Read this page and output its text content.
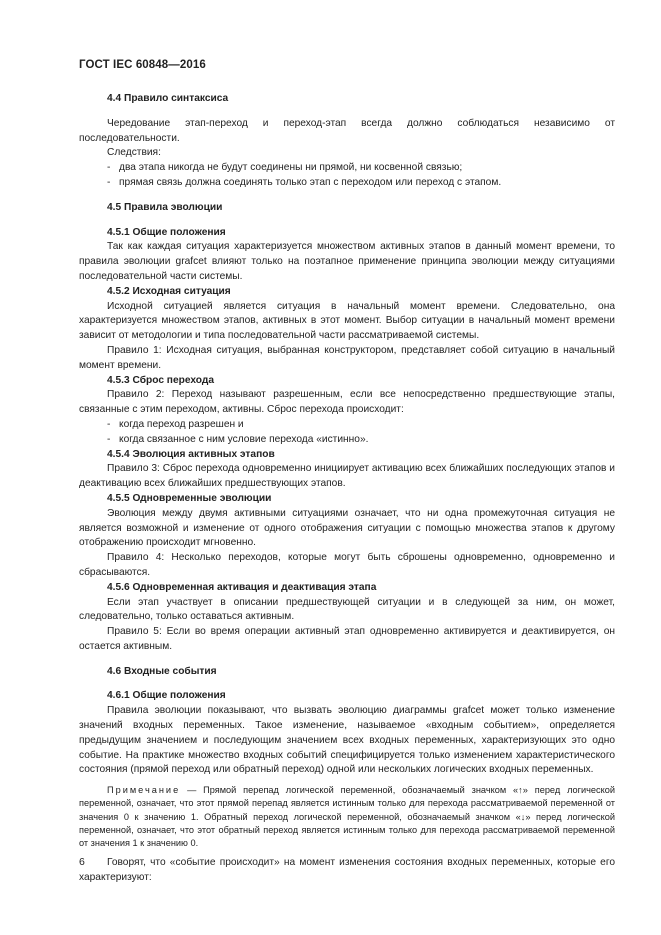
ГОСТ IEC 60848—2016

4.4 Правило синтаксиса

Чередование этап-переход и переход-этап всегда должно соблюдаться независимо от последовательности.

Следствия:

- два этапа никогда не будут соединены ни прямой, ни косвенной связью;

- прямая связь должна соединять только этап с переходом или переход с этапом.

4.5 Правила эволюции

4.5.1 Общие положения

Так как каждая ситуация характеризуется множеством активных этапов в данный момент времени, то правила эволюции grafcet влияют только на поэтапное применение принципа эволюции между ситуациями последовательной части системы.

4.5.2 Исходная ситуация

Исходной ситуацией является ситуация в начальный момент времени. Следовательно, она характеризуется множеством этапов, активных в этот момент. Выбор ситуации в начальный момент времени зависит от методологии и типа последовательной части рассматриваемой системы.

Правило 1: Исходная ситуация, выбранная конструктором, представляет собой ситуацию в начальный момент времени.

4.5.3 Сброс перехода

Правило 2: Переход называют разрешенным, если все непосредственно предшествующие этапы, связанные с этим переходом, активны. Сброс перехода происходит:

- когда переход разрешен и

- когда связанное с ним условие перехода «истинно».

4.5.4 Эволюция активных этапов

Правило 3: Сброс перехода одновременно инициирует активацию всех ближайших последующих этапов и деактивацию всех ближайших предшествующих этапов.

4.5.5 Одновременные эволюции

Эволюция между двумя активными ситуациями означает, что ни одна промежуточная ситуация не является возможной и изменение от одного отображения ситуации с помощью множества этапов к другому отображению происходит мгновенно.

Правило 4: Несколько переходов, которые могут быть сброшены одновременно, одновременно и сбрасываются.

4.5.6 Одновременная активация и деактивация этапа

Если этап участвует в описании предшествующей ситуации и в следующей за ним, он может, следовательно, только оставаться активным.

Правило 5: Если во время операции активный этап одновременно активируется и деактивируется, он остается активным.

4.6 Входные события

4.6.1 Общие положения

Правила эволюции показывают, что вызвать эволюцию диаграммы grafcet может только изменение значений входных переменных. Такое изменение, называемое «входным событием», определяется предыдущим значением и последующим значением всех входных переменных, характеризующих это одно событие. На практике множество входных событий специфицируется только изменением характеристического состояния (прямой переход или обратный переход) одной или нескольких логических входных переменных.

Примечание — Прямой перепад логической переменной, обозначаемый значком «↑» перед логической переменной, означает, что этот прямой перепад является истинным только для перехода рассматриваемой переменной от значения 0 к значению 1. Обратный переход логической переменной, обозначаемый значком «↓» перед логической переменной, означает, что этот обратный переход является истинным только для перехода рассматриваемой переменной от значения 1 к значению 0.

Говорят, что «событие происходит» на момент изменения состояния входных переменных, которые его характеризуют:

6
